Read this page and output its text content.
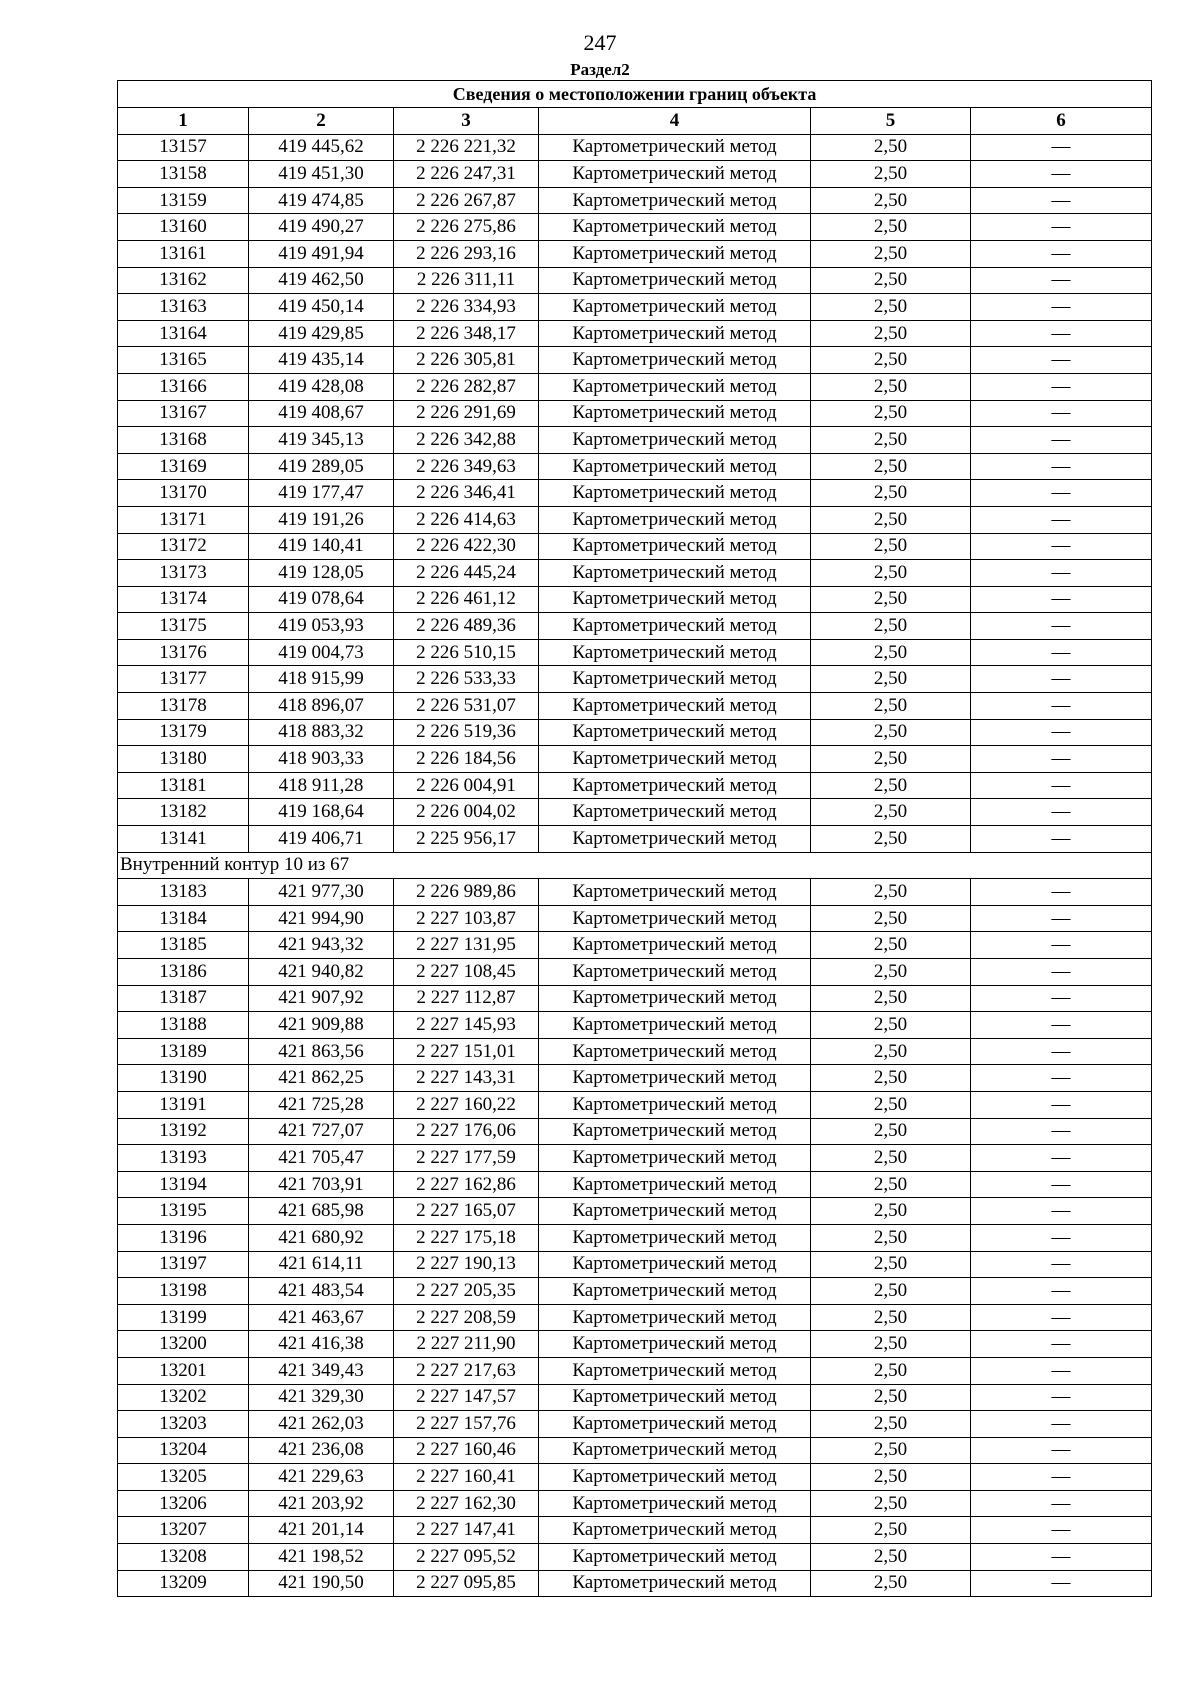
247
Раздел2
Сведения о местоположении границ объекта					
1	2	3	4	5	6
13157	419 445,62	2 226 221,32	Картометрический метод	2,50	—
13158	419 451,30	2 226 247,31	Картометрический метод	2,50	—
13159	419 474,85	2 226 267,87	Картометрический метод	2,50	—
13160	419 490,27	2 226 275,86	Картометрический метод	2,50	—
13161	419 491,94	2 226 293,16	Картометрический метод	2,50	—
13162	419 462,50	2 226 311,11	Картометрический метод	2,50	—
13163	419 450,14	2 226 334,93	Картометрический метод	2,50	—
13164	419 429,85	2 226 348,17	Картометрический метод	2,50	—
13165	419 435,14	2 226 305,81	Картометрический метод	2,50	—
13166	419 428,08	2 226 282,87	Картометрический метод	2,50	—
13167	419 408,67	2 226 291,69	Картометрический метод	2,50	—
13168	419 345,13	2 226 342,88	Картометрический метод	2,50	—
13169	419 289,05	2 226 349,63	Картометрический метод	2,50	—
13170	419 177,47	2 226 346,41	Картометрический метод	2,50	—
13171	419 191,26	2 226 414,63	Картометрический метод	2,50	—
13172	419 140,41	2 226 422,30	Картометрический метод	2,50	—
13173	419 128,05	2 226 445,24	Картометрический метод	2,50	—
13174	419 078,64	2 226 461,12	Картометрический метод	2,50	—
13175	419 053,93	2 226 489,36	Картометрический метод	2,50	—
13176	419 004,73	2 226 510,15	Картометрический метод	2,50	—
13177	418 915,99	2 226 533,33	Картометрический метод	2,50	—
13178	418 896,07	2 226 531,07	Картометрический метод	2,50	—
13179	418 883,32	2 226 519,36	Картометрический метод	2,50	—
13180	418 903,33	2 226 184,56	Картометрический метод	2,50	—
13181	418 911,28	2 226 004,91	Картометрический метод	2,50	—
13182	419 168,64	2 226 004,02	Картометрический метод	2,50	—
13141	419 406,71	2 225 956,17	Картометрический метод	2,50	—
Внутренний контур 10 из 67					
13183	421 977,30	2 226 989,86	Картометрический метод	2,50	—
13184	421 994,90	2 227 103,87	Картометрический метод	2,50	—
13185	421 943,32	2 227 131,95	Картометрический метод	2,50	—
13186	421 940,82	2 227 108,45	Картометрический метод	2,50	—
13187	421 907,92	2 227 112,87	Картометрический метод	2,50	—
13188	421 909,88	2 227 145,93	Картометрический метод	2,50	—
13189	421 863,56	2 227 151,01	Картометрический метод	2,50	—
13190	421 862,25	2 227 143,31	Картометрический метод	2,50	—
13191	421 725,28	2 227 160,22	Картометрический метод	2,50	—
13192	421 727,07	2 227 176,06	Картометрический метод	2,50	—
13193	421 705,47	2 227 177,59	Картометрический метод	2,50	—
13194	421 703,91	2 227 162,86	Картометрический метод	2,50	—
13195	421 685,98	2 227 165,07	Картометрический метод	2,50	—
13196	421 680,92	2 227 175,18	Картометрический метод	2,50	—
13197	421 614,11	2 227 190,13	Картометрический метод	2,50	—
13198	421 483,54	2 227 205,35	Картометрический метод	2,50	—
13199	421 463,67	2 227 208,59	Картометрический метод	2,50	—
13200	421 416,38	2 227 211,90	Картометрический метод	2,50	—
13201	421 349,43	2 227 217,63	Картометрический метод	2,50	—
13202	421 329,30	2 227 147,57	Картометрический метод	2,50	—
13203	421 262,03	2 227 157,76	Картометрический метод	2,50	—
13204	421 236,08	2 227 160,46	Картометрический метод	2,50	—
13205	421 229,63	2 227 160,41	Картометрический метод	2,50	—
13206	421 203,92	2 227 162,30	Картометрический метод	2,50	—
13207	421 201,14	2 227 147,41	Картометрический метод	2,50	—
13208	421 198,52	2 227 095,52	Картометрический метод	2,50	—
13209	421 190,50	2 227 095,85	Картометрический метод	2,50	—
